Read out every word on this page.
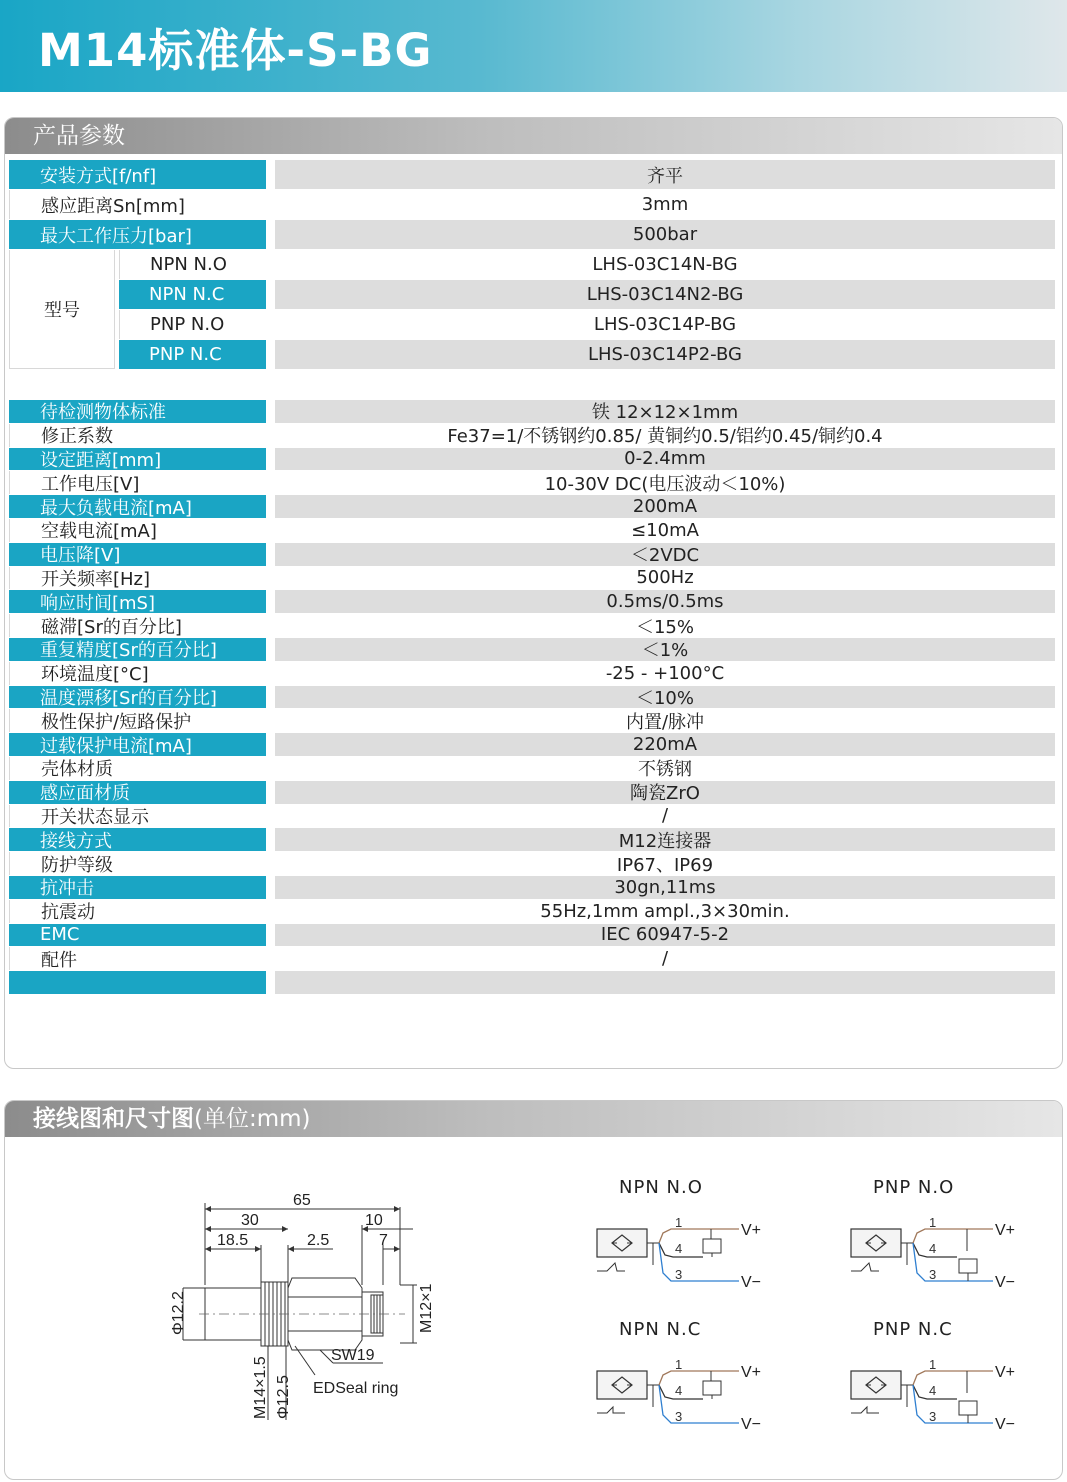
M14标准体-S-BG
产品参数
安装方式[f/nf]	齐平
感应距离Sn[mm]	3mm
最大工作压力[bar]	500bar
型号
NPN N.O	LHS-03C14N-BG
NPN N.C	LHS-03C14N2-BG
PNP N.O	LHS-03C14P-BG
PNP N.C	LHS-03C14P2-BG
待检测物体标准	铁 12×12×1mm
修正系数	Fe37=1/不锈钢约0.85/ 黄铜约0.5/铝约0.45/铜约0.4
设定距离[mm]	0-2.4mm
工作电压[V]	10-30V DC(电压波动＜10%)
最大负载电流[mA]	200mA
空载电流[mA]	≤10mA
电压降[V]	＜2VDC
开关频率[Hz]	500Hz
响应时间[mS]	0.5ms/0.5ms
磁滞[Sr的百分比]	＜15%
重复精度[Sr的百分比]	＜1%
环境温度[°C]	-25 - +100°C
温度漂移[Sr的百分比]	＜10%
极性保护/短路保护	内置/脉冲
过载保护电流[mA]	220mA
壳体材质	不锈钢
感应面材质	陶瓷ZrO
开关状态显示	/
接线方式	M12连接器
防护等级	IP67、IP69
抗冲击	30gn,11ms
抗震动	55Hz,1mm ampl.,3×30min.
EMC	IEC 60947-5-2
配件	/
接线图和尺寸图(单位:mm)
65
30	10
18.5	2.5	7
Φ12.2	M12×1
M14×1.5 Φ12.5
SW19
EDSeal ring
NPN N.O
1
4
3
V+
V−
PNP N.O
1
4
3
V+
V−
NPN N.C
1
4
3
V+
V−
PNP N.C
1
4
3
V+
V−
